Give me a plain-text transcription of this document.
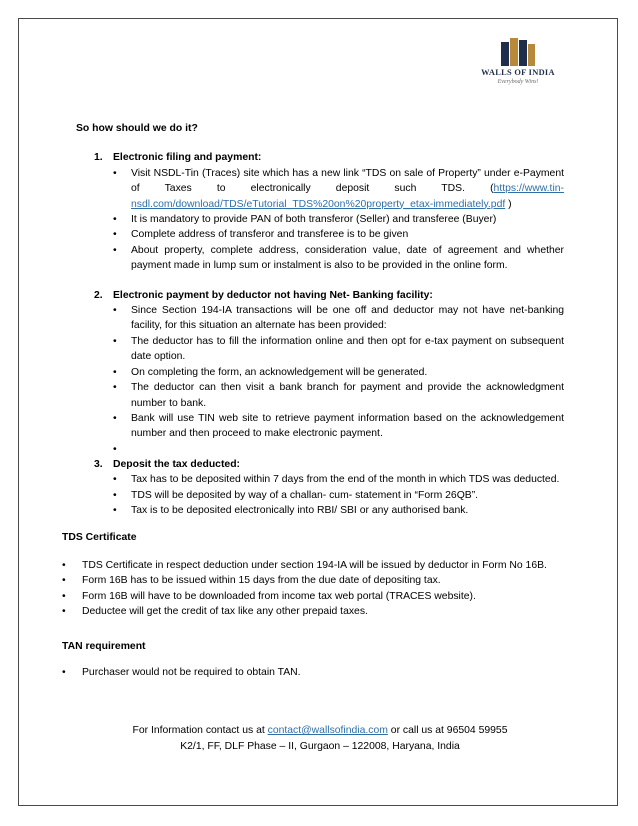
WALLS OF INDIA
Everybody Wins!
So how should we do it?
1. Electronic filing and payment:
• Visit NSDL-Tin (Traces) site which has a new link “TDS on sale of Property” under e-Payment of Taxes to electronically deposit such TDS. (https://www.tin-nsdl.com/download/TDS/eTutorial_TDS%20on%20property_etax-immediately.pdf )
• It is mandatory to provide PAN of both transferor (Seller) and transferee (Buyer)
• Complete address of transferor and transferee is to be given
• About property, complete address, consideration value, date of agreement and whether payment made in lump sum or instalment is also to be provided in the online form.
2. Electronic payment by deductor not having Net- Banking facility:
• Since Section 194-IA transactions will be one off and deductor may not have net-banking facility, for this situation an alternate has been provided:
• The deductor has to fill the information online and then opt for e-tax payment on subsequent date option.
• On completing the form, an acknowledgement will be generated.
• The deductor can then visit a bank branch for payment and provide the acknowledgment number to bank.
• Bank will use TIN web site to retrieve payment information based on the acknowledgement number and then proceed to make electronic payment.
•
3. Deposit the tax deducted:
• Tax has to be deposited within 7 days from the end of the month in which TDS was deducted.
• TDS will be deposited by way of a challan- cum- statement in “Form 26QB”.
• Tax is to be deposited electronically into RBI/ SBI or any authorised bank.
TDS Certificate
• TDS Certificate in respect deduction under section 194-IA will be issued by deductor in Form No 16B.
• Form 16B has to be issued within 15 days from the due date of depositing tax.
• Form 16B will have to be downloaded from income tax web portal (TRACES website).
• Deductee will get the credit of tax like any other prepaid taxes.
TAN requirement
• Purchaser would not be required to obtain TAN.
For Information contact us at contact@wallsofindia.com or call us at 96504 59955
K2/1, FF, DLF Phase – II, Gurgaon – 122008, Haryana, India
